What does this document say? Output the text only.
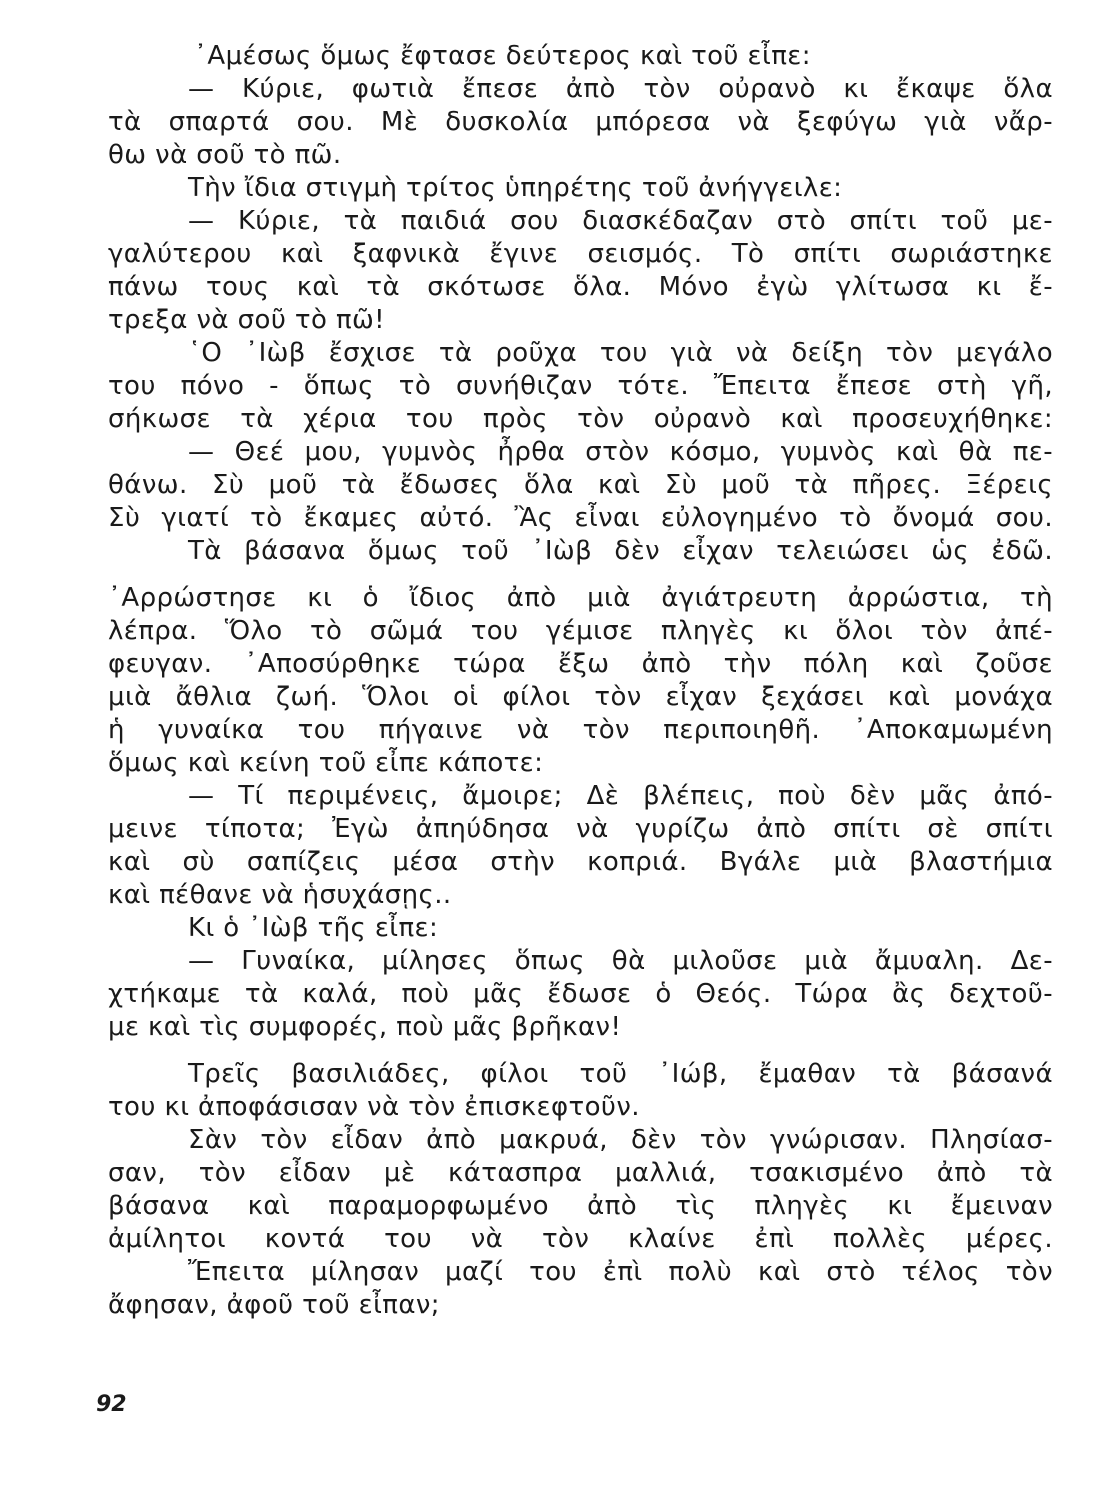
᾿Αμέσως ὅμως ἔφτασε δεύτερος καὶ τοῦ εἶπε:
— Κύριε, φωτιὰ ἔπεσε ἀπὸ τὸν οὐρανὸ κι ἔκαψε ὅλα
τὰ σπαρτά σου. Μὲ δυσκολία μπόρεσα νὰ ξεφύγω γιὰ νἄρ-
θω νὰ σοῦ τὸ πῶ.
Τὴν ἴδια στιγμὴ τρίτος ὑπηρέτης τοῦ ἀνήγγειλε:
— Κύριε, τὰ παιδιά σου διασκέδαζαν στὸ σπίτι τοῦ με-
γαλύτερου καὶ ξαφνικὰ ἔγινε σεισμός. Τὸ σπίτι σωριάστηκε
πάνω τους καὶ τὰ σκότωσε ὅλα. Μόνο ἐγὼ γλίτωσα κι ἔ-
τρεξα νὰ σοῦ τὸ πῶ!
῾Ο ᾿Ιὼβ ἔσχισε τὰ ροῦχα του γιὰ νὰ δείξη τὸν μεγάλο
του πόνο - ὅπως τὸ συνήθιζαν τότε. Ἔπειτα ἔπεσε στὴ γῆ,
σήκωσε τὰ χέρια του πρὸς τὸν οὐρανὸ καὶ προσευχήθηκε:
— Θεέ μου, γυμνὸς ἦρθα στὸν κόσμο, γυμνὸς καὶ θὰ πε-
θάνω. Σὺ μοῦ τὰ ἔδωσες ὅλα καὶ Σὺ μοῦ τὰ πῆρες. Ξέρεις
Σὺ γιατί τὸ ἔκαμες αὐτό. Ἂς εἶναι εὐλογημένο τὸ ὄνομά σου.
Τὰ βάσανα ὅμως τοῦ ᾿Ιὼβ δὲν εἶχαν τελειώσει ὡς ἐδῶ.
᾿Αρρώστησε κι ὁ ἴδιος ἀπὸ μιὰ ἀγιάτρευτη ἀρρώστια, τὴ
λέπρα. Ὅλο τὸ σῶμά του γέμισε πληγὲς κι ὅλοι τὸν ἀπέ-
φευγαν. ᾿Αποσύρθηκε τώρα ἔξω ἀπὸ τὴν πόλη καὶ ζοῦσε
μιὰ ἄθλια ζωή. Ὅλοι οἱ φίλοι τὸν εἶχαν ξεχάσει καὶ μονάχα
ἡ γυναίκα του πήγαινε νὰ τὸν περιποιηθῆ. ᾿Αποκαμωμένη
ὅμως καὶ κείνη τοῦ εἶπε κάποτε:
— Τί περιμένεις, ἄμοιρε; Δὲ βλέπεις, ποὺ δὲν μᾶς ἀπό-
μεινε τίποτα; Ἐγὼ ἀπηύδησα νὰ γυρίζω ἀπὸ σπίτι σὲ σπίτι
καὶ σὺ σαπίζεις μέσα στὴν κοπριά. Βγάλε μιὰ βλαστήμια
καὶ πέθανε νὰ ἡσυχάσῃς..
Κι ὁ ᾿Ιὼβ τῆς εἶπε:
— Γυναίκα, μίλησες ὅπως θὰ μιλοῦσε μιὰ ἄμυαλη. Δε-
χτήκαμε τὰ καλά, ποὺ μᾶς ἔδωσε ὁ Θεός. Τώρα ἂς δεχτοῦ-
με καὶ τὶς συμφορές, ποὺ μᾶς βρῆκαν!
Τρεῖς βασιλιάδες, φίλοι τοῦ ᾿Ιώβ, ἔμαθαν τὰ βάσανά
του κι ἀποφάσισαν νὰ τὸν ἐπισκεφτοῦν.
Σὰν τὸν εἶδαν ἀπὸ μακρυά, δὲν τὸν γνώρισαν. Πλησίασ-
σαν, τὸν εἶδαν μὲ κάτασπρα μαλλιά, τσακισμένο ἀπὸ τὰ
βάσανα καὶ παραμορφωμένο ἀπὸ τὶς πληγὲς κι ἔμειναν
ἀμίλητοι κοντά του νὰ τὸν κλαίνε ἐπὶ πολλὲς μέρες.
Ἔπειτα μίλησαν μαζί του ἐπὶ πολὺ καὶ στὸ τέλος τὸν
ἄφησαν, ἀφοῦ τοῦ εἶπαν;
92
